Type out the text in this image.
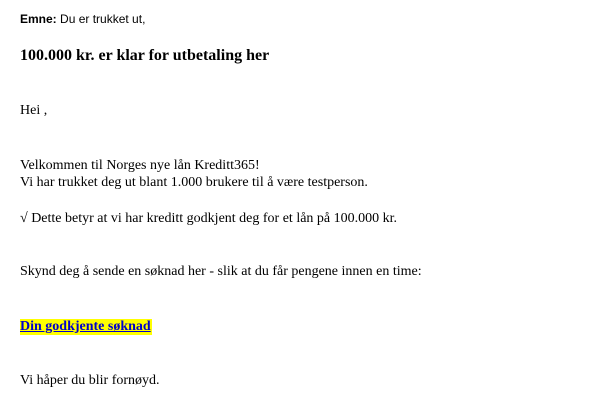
Emne: Du er trukket ut,
100.000 kr. er klar for utbetaling her
Hei ,
Velkommen til Norges nye lån Kreditt365!
Vi har trukket deg ut blant 1.000 brukere til å være testperson.
√ Dette betyr at vi har kreditt godkjent deg for et lån på 100.000 kr.
Skynd deg å sende en søknad her - slik at du får pengene innen en time:
Din godkjente søknad
Vi håper du blir fornøyd.
